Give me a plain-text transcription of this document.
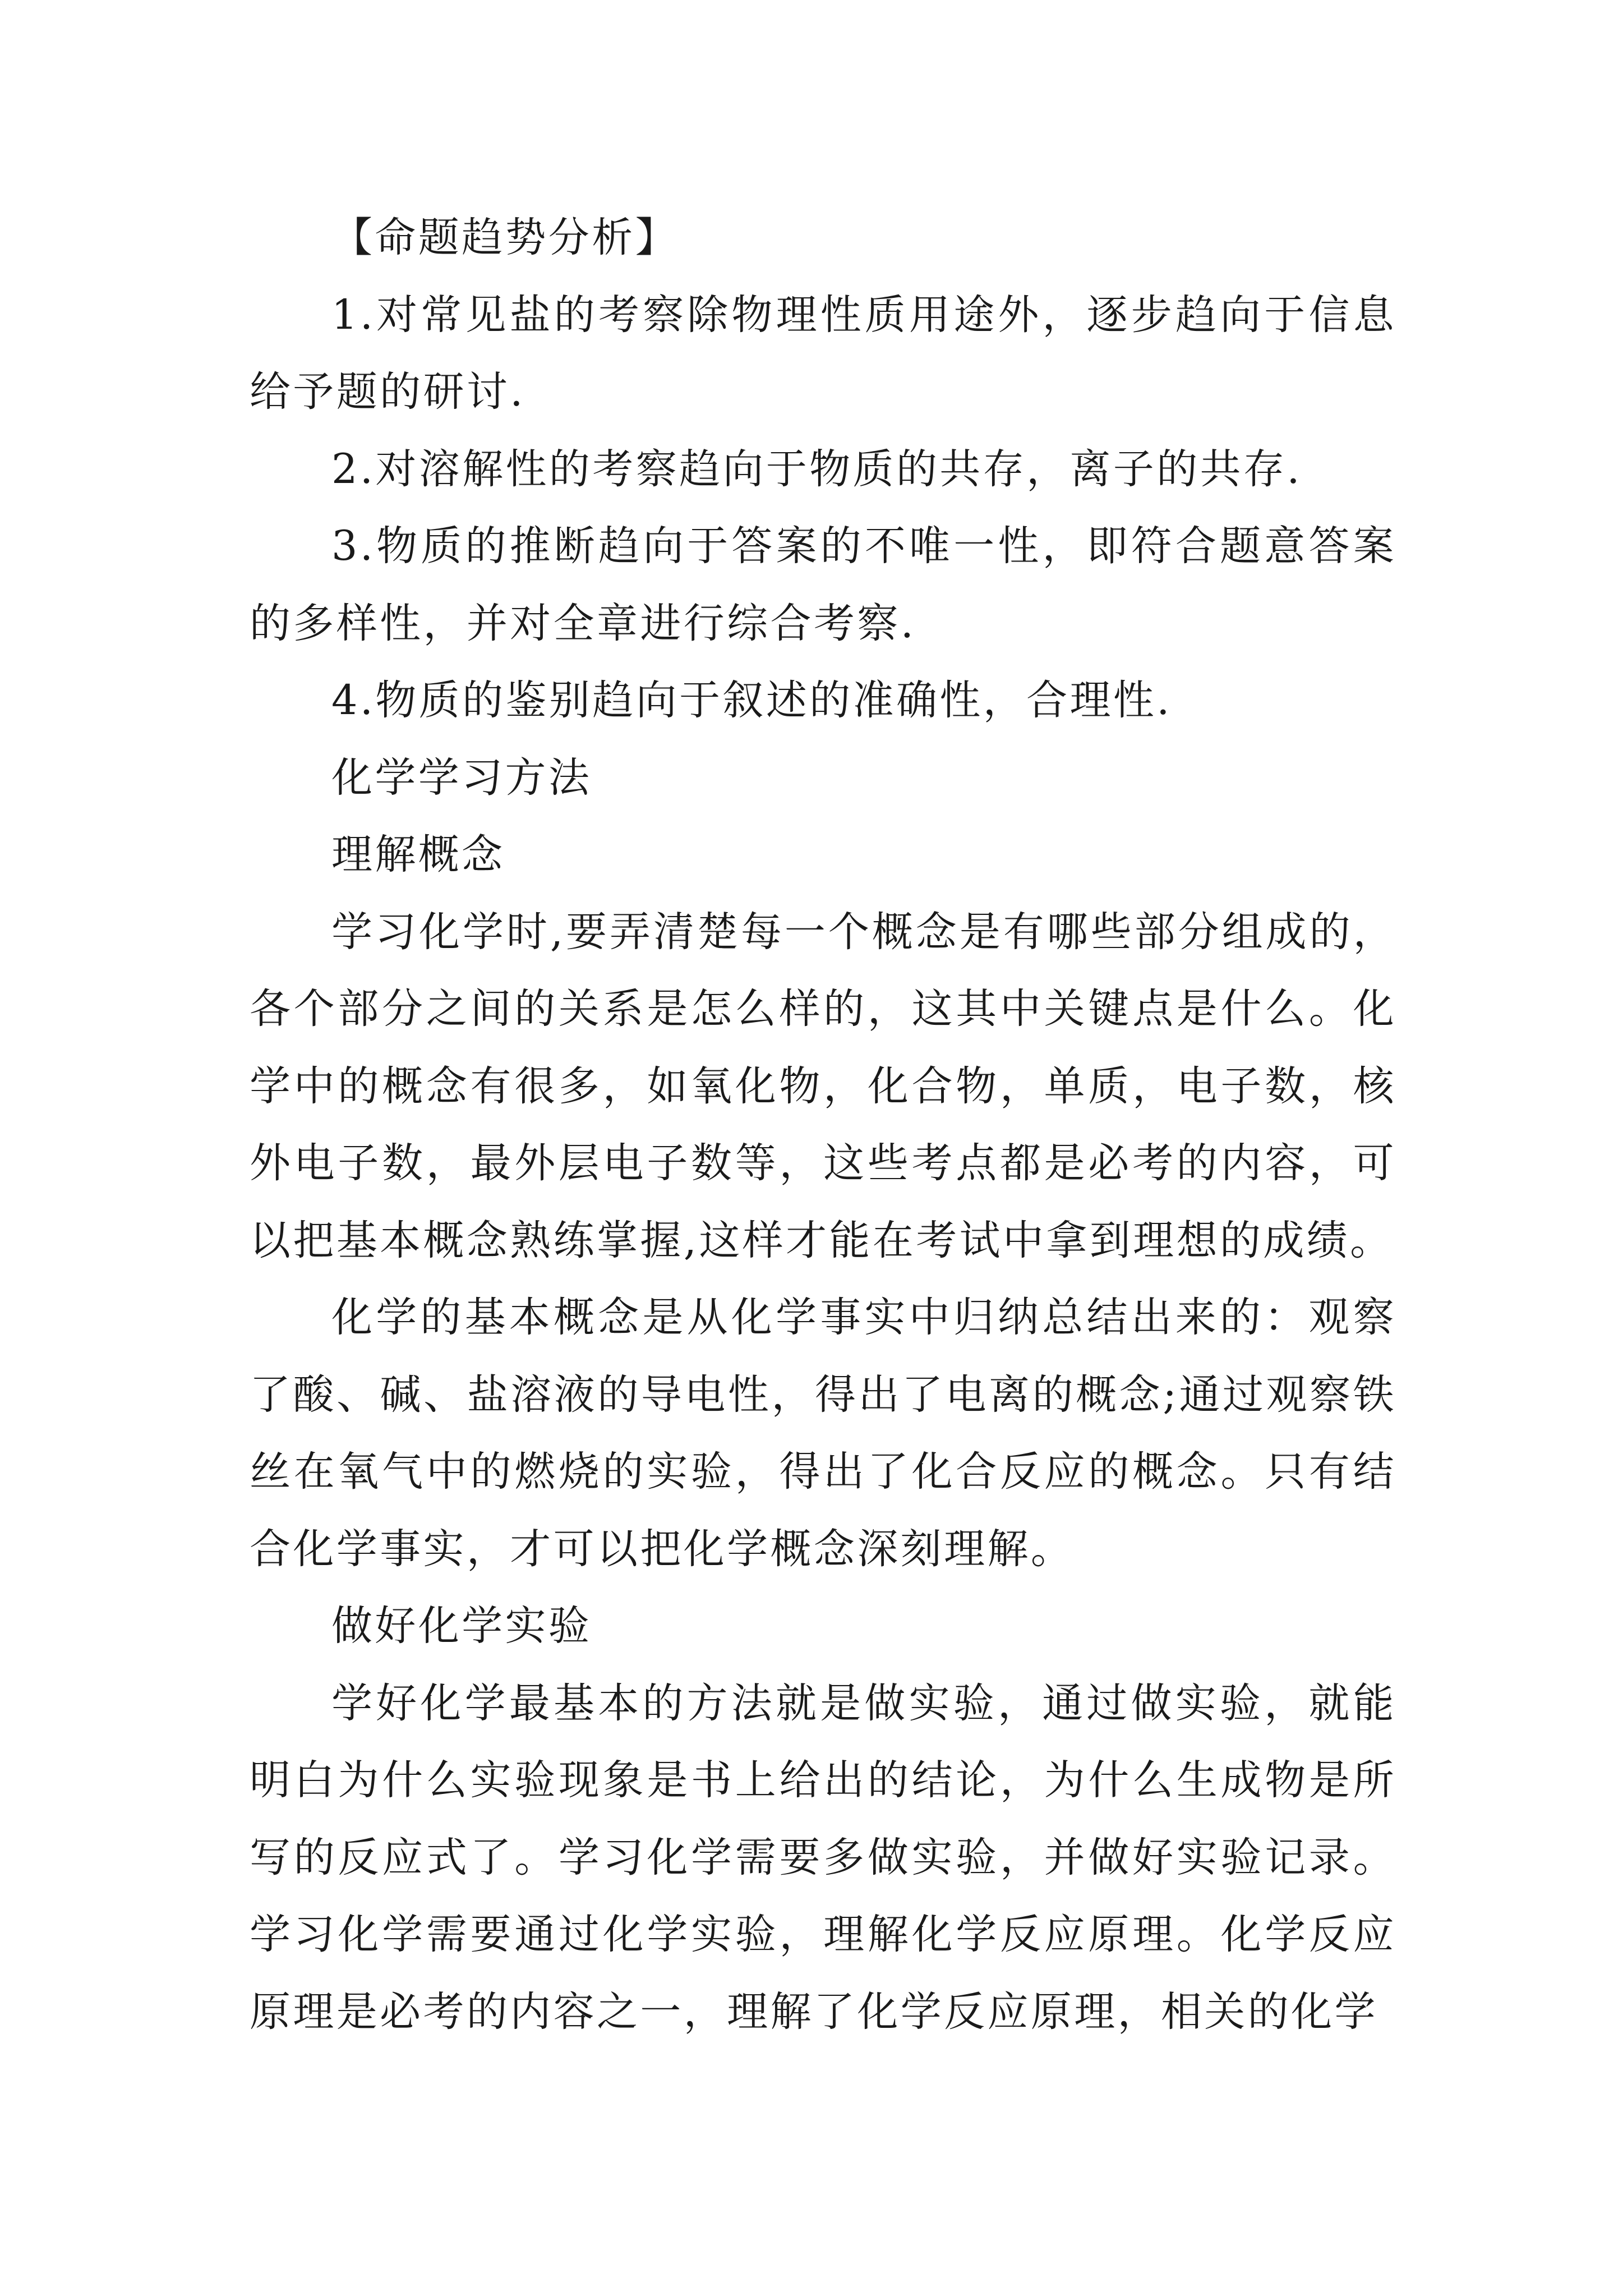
【命题趋势分析】

1.对常见盐的考察除物理性质用途外，逐步趋向于信息给予题的研讨.

2.对溶解性的考察趋向于物质的共存，离子的共存.

3.物质的推断趋向于答案的不唯一性，即符合题意答案的多样性，并对全章进行综合考察.

4.物质的鉴别趋向于叙述的准确性，合理性.

化学学习方法

理解概念

学习化学时,要弄清楚每一个概念是有哪些部分组成的，各个部分之间的关系是怎么样的，这其中关键点是什么。化学中的概念有很多，如氧化物，化合物，单质，电子数，核外电子数，最外层电子数等，这些考点都是必考的内容，可以把基本概念熟练掌握,这样才能在考试中拿到理想的成绩。

化学的基本概念是从化学事实中归纳总结出来的：观察了酸、碱、盐溶液的导电性，得出了电离的概念;通过观察铁丝在氧气中的燃烧的实验，得出了化合反应的概念。只有结合化学事实，才可以把化学概念深刻理解。

做好化学实验

学好化学最基本的方法就是做实验，通过做实验，就能明白为什么实验现象是书上给出的结论，为什么生成物是所写的反应式了。学习化学需要多做实验，并做好实验记录。学习化学需要通过化学实验，理解化学反应原理。化学反应原理是必考的内容之一，理解了化学反应原理，相关的化学
